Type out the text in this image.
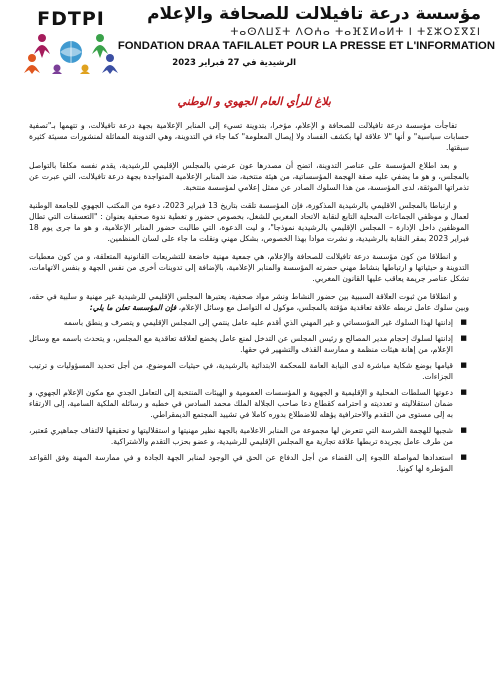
FDTPI	مؤسسة درعة تافيلالت للصحافة والإعلام
ⵜⴰⵙⴷⵡⵉⵜ ⴷⵔⵄⴰ ⵜⴰⴼⵉⵍⴰⵍⵜ ⵏ ⵜⵉⵣⵔⵉⴳⵉⵏ
FONDATION DRAA TAFILALET POUR LA PRESSE ET L'INFORMATION
الرشيدية في 27 فبراير 2023
بلاغ للرأي العام الجهوي و الوطني

تفاجأت مؤسسة درعة تافيلالت للصحافة و الإعلام، مؤخرا، بتدوينة تسيء إلى المنابر الإعلامية بجهة درعة تافيلالت، و تتهمها بـ"تصفية حسابات سياسية" و أنها "لا علاقة لها بكشف الفساد ولا إيصال المعلومة" كما جاء في التدوينة، وهي التدوينة المماثلة لمنشورات مسيئة كثيرة سبقتها.

و بعد اطلاع المؤسسة على عناصر التدوينة، اتضح أن مصدرها عون عرضي بالمجلس الإقليمي للرشيدية، يقدم نفسه مكلفا بالتواصل بالمجلس، و هو ما يضفي عليه صفة الهجمة المؤسساتية، من هيئة منتخبة، ضد المنابر الإعلامية المتواجدة بجهة درعة تافيلالت، التي عبرت عن تذمراتها الموثقة، لدى المؤسسة، من هذا السلوك الصادر عن ممثل إعلامي لمؤسسة منتخبة.

و ارتباطا بالمجلس الاقليمي بالرشيدية المذكورة، فإن المؤسسة تلقت بتاريخ 13 فبراير 2023، دعوة من المكتب الجهوي للجامعة الوطنية لعمال و موظفي الجماعات المحلية التابع لنقابة الاتحاد المغربي للشغل، بخصوص حضور و تغطية ندوة صحفية بعنوان : "التعسفات التي تطال الموظفين داخل الإدارة – المجلس الإقليمي بالرشيدية نموذجا"، و ليت الدعوة، التي طالبت حضور المنابر الإعلامية، و هو ما جرى يوم 18 فبراير 2023 بمقر النقابة بالرشيدية، و نشرت موادا بهذا الخصوص، بشكل مهني ونقلت ما جاء على لسان المنظمين.

و انطلاقا من كون مؤسسة درعة تافيلالت للصحافة والإعلام، هي جمعية مهنية خاضعة للتشريعات القانونية المتعلقة، و من كون معطيات التدوينة و حيثياتها و ارتباطها بنشاط مهني حضرته المؤسسة والمنابر الإعلامية، بالإضافة إلى تدوينات أخرى من نفس الجهة و بنفس الاتهامات، تشكل عناصر جريمة يعاقب عليها القانون المغربي.

و انطلاقا من ثبوت العلاقة السببية بين حضور النشاط ونشر مواد صحفية، يعتبرها المجلس الإقليمي للرشيدية غير مهنية و سلبية في حقه، وبين سلوك عامل تربطه علاقة تعاقدية مؤقتة بالمجلس، موكول له التواصل مع وسائل الإعلام، فإن المؤسسة تعلن ما يلي:

■
إدانتها لهذا السلوك غير المؤسساتي و غير المهني الذي أقدم عليه عامل ينتمي إلى المجلس الإقليمي و يتصرف و ينطق باسمه
■
إدانتها لسلوك إحجام مدير المصالح و رئيس المجلس عن التدخل لمنع عامل يخضع لعلاقة تعاقدية مع المجلس، و يتحدث باسمه مع وسائل الإعلام، من إهانة هيئات منظمة و ممارسة القذف والتشهير في حقها.
■
قيامها بوضع شكاية مباشرة لدى النيابة العامة للمحكمة الابتدائية بالرشيدية، في حيثيات الموضوع، من أجل تحديد المسؤوليات و ترتيب الجزاءات.
■
دعوتها السلطات المحلية و الإقليمية و الجهوية و المؤسسات العمومية و الهيئات المنتخبة إلى التعامل الجدي مع مكون الإعلام الجهوي، و ضمان استقلاليته و تعدديته و احترامه كقطاع دعا صاحب الجلالة الملك محمد السادس في خطبه و رسائله الملكية السامية، إلى الارتقاء به إلى مستوى من التقدم والاحترافية يؤهله للاضطلاع بدوره كاملا في تشييد المجتمع الديمقراطي.
■
شجبها للهجمة الشرسة التي تتعرض لها مجموعة من المنابر الاعلامية بالجهة نظير مهنيتها و استقلاليتها و تحقيقها لالتفاف جماهيري مُعتبر، من طرف عامل بجريدة تربطها علاقة تجارية مع المجلس الإقليمي للرشيدية، و عضو بحزب التقدم والاشتراكية.
■
استعدادها لمواصلة اللجوء إلى القضاء من أجل الدفاع عن الحق في الوجود لمنابر الجهة الجادة و في ممارسة المهنة وفق القواعد المؤطرة لها كونيا.
